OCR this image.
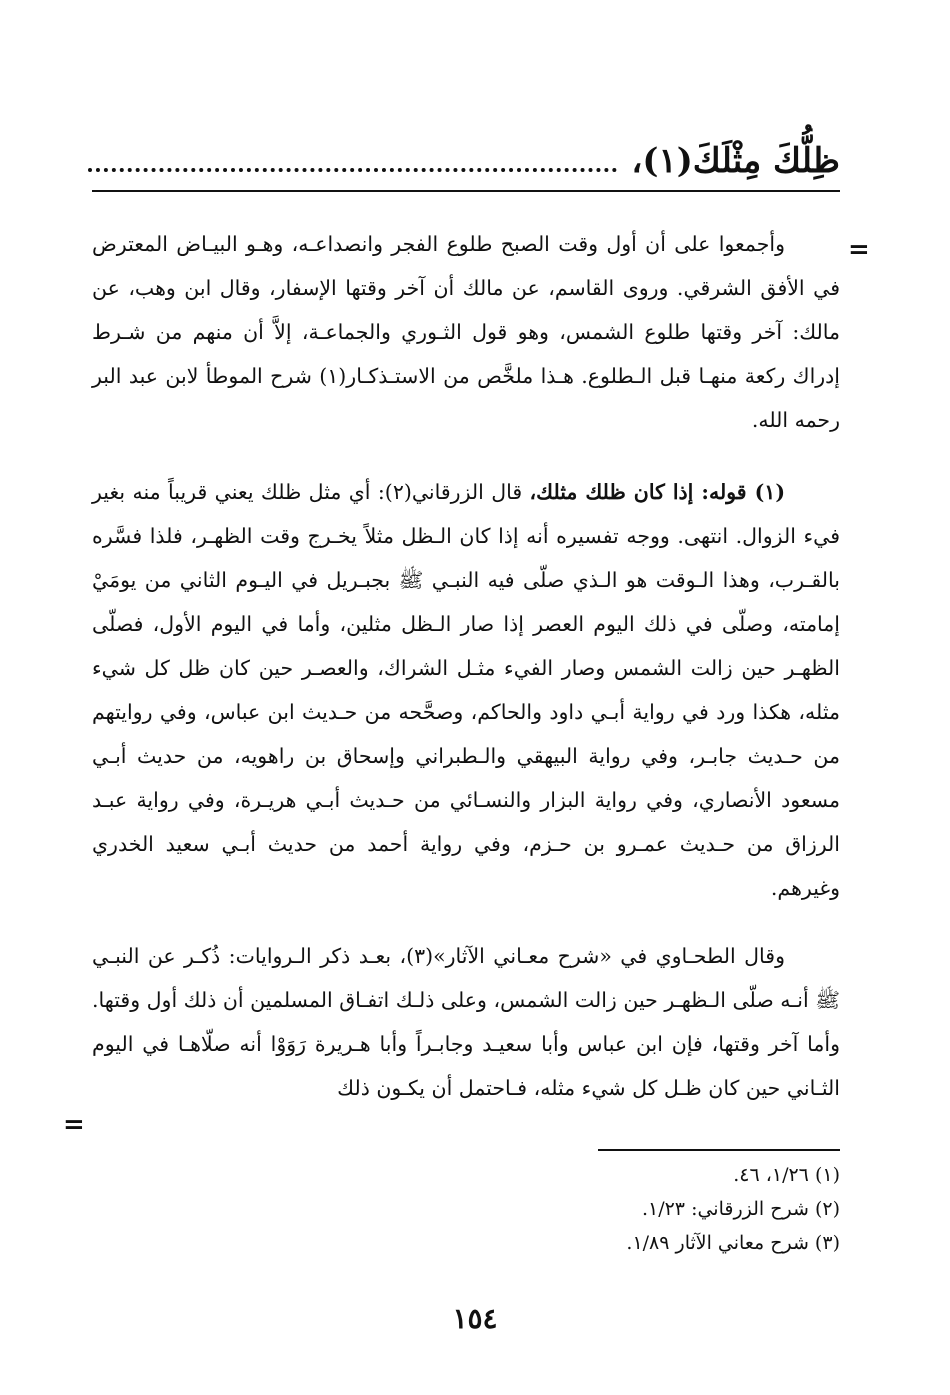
ظِلُّكَ مِثْلَكَ(١)،
=

وأجمعوا على أن أول وقت الصبح طلوع الفجر وانصداعـه، وهـو البيـاض المعترض في الأفق الشرقي. وروى القاسم، عن مالك أن آخر وقتها الإسفار، وقال ابن وهب، عن مالك: آخر وقتها طلوع الشمس، وهو قول الثـوري والجماعـة، إلاَّ أن منهم من شـرط إدراك ركعة منهـا قبل الـطلوع. هـذا ملخَّص من الاستـذكـار(١) شرح الموطأ لابن عبد البر رحمه الله.

(١) قوله: إذا كان ظلك مثلك، قال الزرقاني(٢): أي مثل ظلك يعني قريباً منه بغير فيء الزوال. انتهى. ووجه تفسيره أنه إذا كان الـظل مثلاً يخـرج وقت الظهـر، فلذا فسَّره بالقـرب، وهذا الـوقت هو الـذي صلّى فيه النبـي ﷺ بجبـريل في اليـوم الثاني من يومَيْ إمامته، وصلّى في ذلك اليوم العصر إذا صار الـظل مثلين، وأما في اليوم الأول، فصلّى الظهـر حين زالت الشمس وصار الفيء مثـل الشراك، والعصـر حين كان ظل كل شيء مثله، هكذا ورد في رواية أبـي داود والحاكم، وصحَّحه من حـديث ابن عباس، وفي روايتهم من حـديث جابـر، وفي رواية البيهقي والـطبراني وإسحاق بن راهويه، من حديث أبـي مسعود الأنصاري، وفي رواية البزار والنسـائي من حـديث أبـي هريـرة، وفي رواية عبـد الرزاق من حـديث عمـرو بن حـزم، وفي رواية أحمد من حديث أبـي سعيد الخدري وغيرهم.

وقال الطحـاوي في «شرح معـاني الآثار»(٣)، بعـد ذكر الـروايات: ذُكـر عن النبـي ﷺ أنـه صلّى الـظهـر حين زالت الشمس، وعلى ذلـك اتفـاق المسلمين أن ذلك أول وقتها. وأما آخر وقتها، فإن ابن عباس وأبا سعيـد وجابـراً وأبا هـريرة رَوَوْا أنه صلّاهـا في اليوم الثـاني حين كان ظـل كل شيء مثله، فـاحتمل أن يكـون ذلك

=
(١) ١/٢٦، ٤٦.
(٢) شرح الزرقاني: ١/٢٣.
(٣) شرح معاني الآثار ١/٨٩.
١٥٤
